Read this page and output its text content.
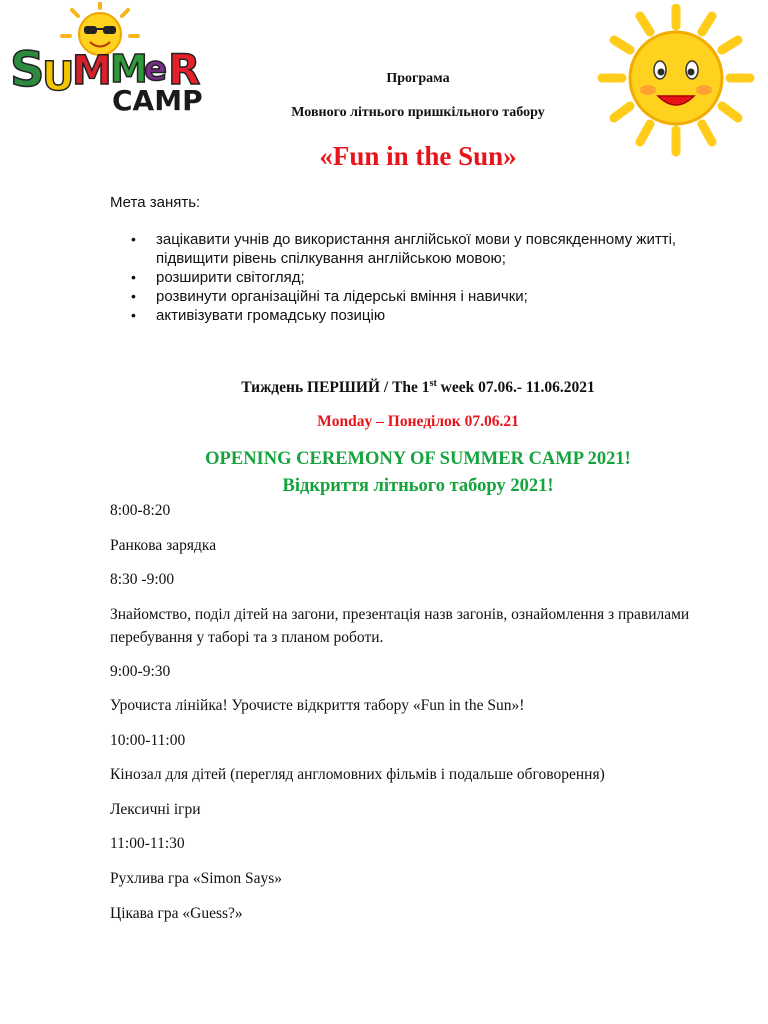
S
U
M
M
e R
CAMP
Програма
Мовного літнього пришкільного табору
«Fun in the Sun»
Мета занять:
• зацікавити учнів до використання англійської мови у повсякденному житті, підвищити рівень спілкування англійською мовою;
• розширити світогляд;
• розвинути організаційні та лідерські вміння і навички;
• активізувати громадську позицію
Тиждень ПЕРШИЙ / The 1st week 07.06.- 11.06.2021
Monday – Понеділок 07.06.21
OPENING CEREMONY OF SUMMER CAMP 2021!
Відкриття літнього табору 2021!
8:00-8:20
Ранкова зарядка
8:30 -9:00
Знайомство, поділ дітей на загони, презентація назв загонів, ознайомлення з правилами перебування у таборі та з планом роботи.
9:00-9:30
Урочиста лінійка! Урочисте відкриття табору «Fun in the Sun»!
10:00-11:00
Кінозал для дітей (перегляд англомовних фільмів і подальше обговорення)
Лексичні ігри
11:00-11:30
Рухлива гра «Simon Says»
Цікава гра «Guess?»
